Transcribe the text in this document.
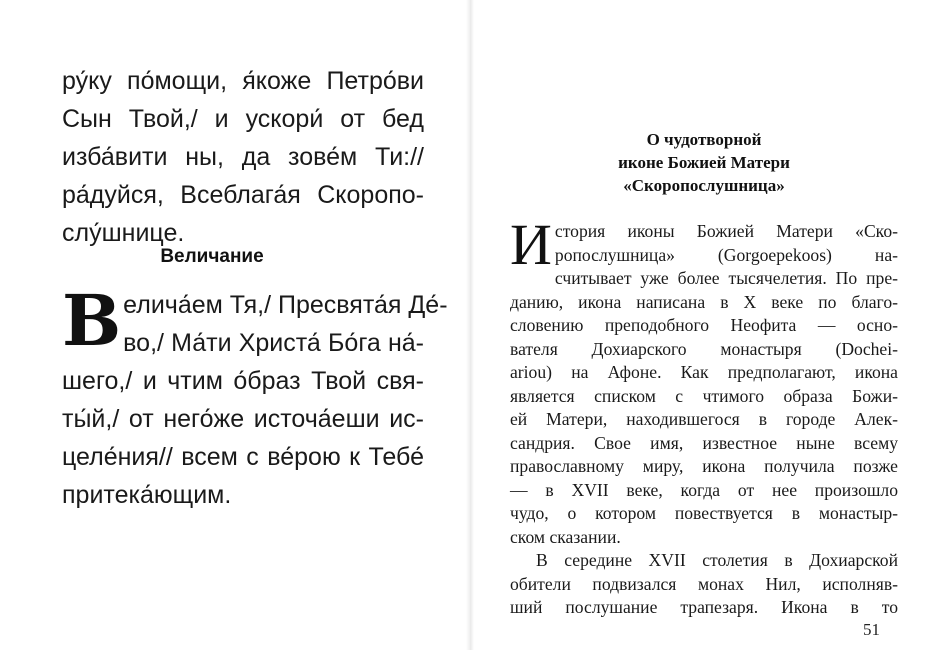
ру́ку по́мощи, я́коже Петро́ви
Сын Твой,/ и ускори́ от бед
изба́вити ны, да зове́м Ти://
ра́дуйся, Всеблага́я Скоропо-
слу́шнице.
Величание
В елича́ем Тя,/ Пресвята́я Де́-
во,/ Ма́ти Христа́ Бо́га на́-
шего,/ и чтим о́браз Твой свя-
ты́й,/ от него́же источа́еши ис-
целе́ния// всем с ве́рою к Тебе́
притека́ющим.
О чудотворной
иконе Божией Матери
«Скоропослушница»
И стория иконы Божией Матери «Ско-
ропослушница» (Gorgoepekoos) на-
считывает уже более тысячелетия. По пре-
данию, икона написана в X веке по благо-
словению преподобного Неофита — осно-
вателя Дохиарского монастыря (Dochei-
ariou) на Афоне. Как предполагают, икона
является списком с чтимого образа Божи-
ей Матери, находившегося в городе Алек-
сандрия. Свое имя, известное ныне всему
православному миру, икона получила позже
— в XVII веке, когда от нее произошло
чудо, о котором повествуется в монастыр-
ском сказании.
В середине XVII столетия в Дохиарской
обители подвизался монах Нил, исполняв-
ший послушание трапезаря. Икона в то
51
